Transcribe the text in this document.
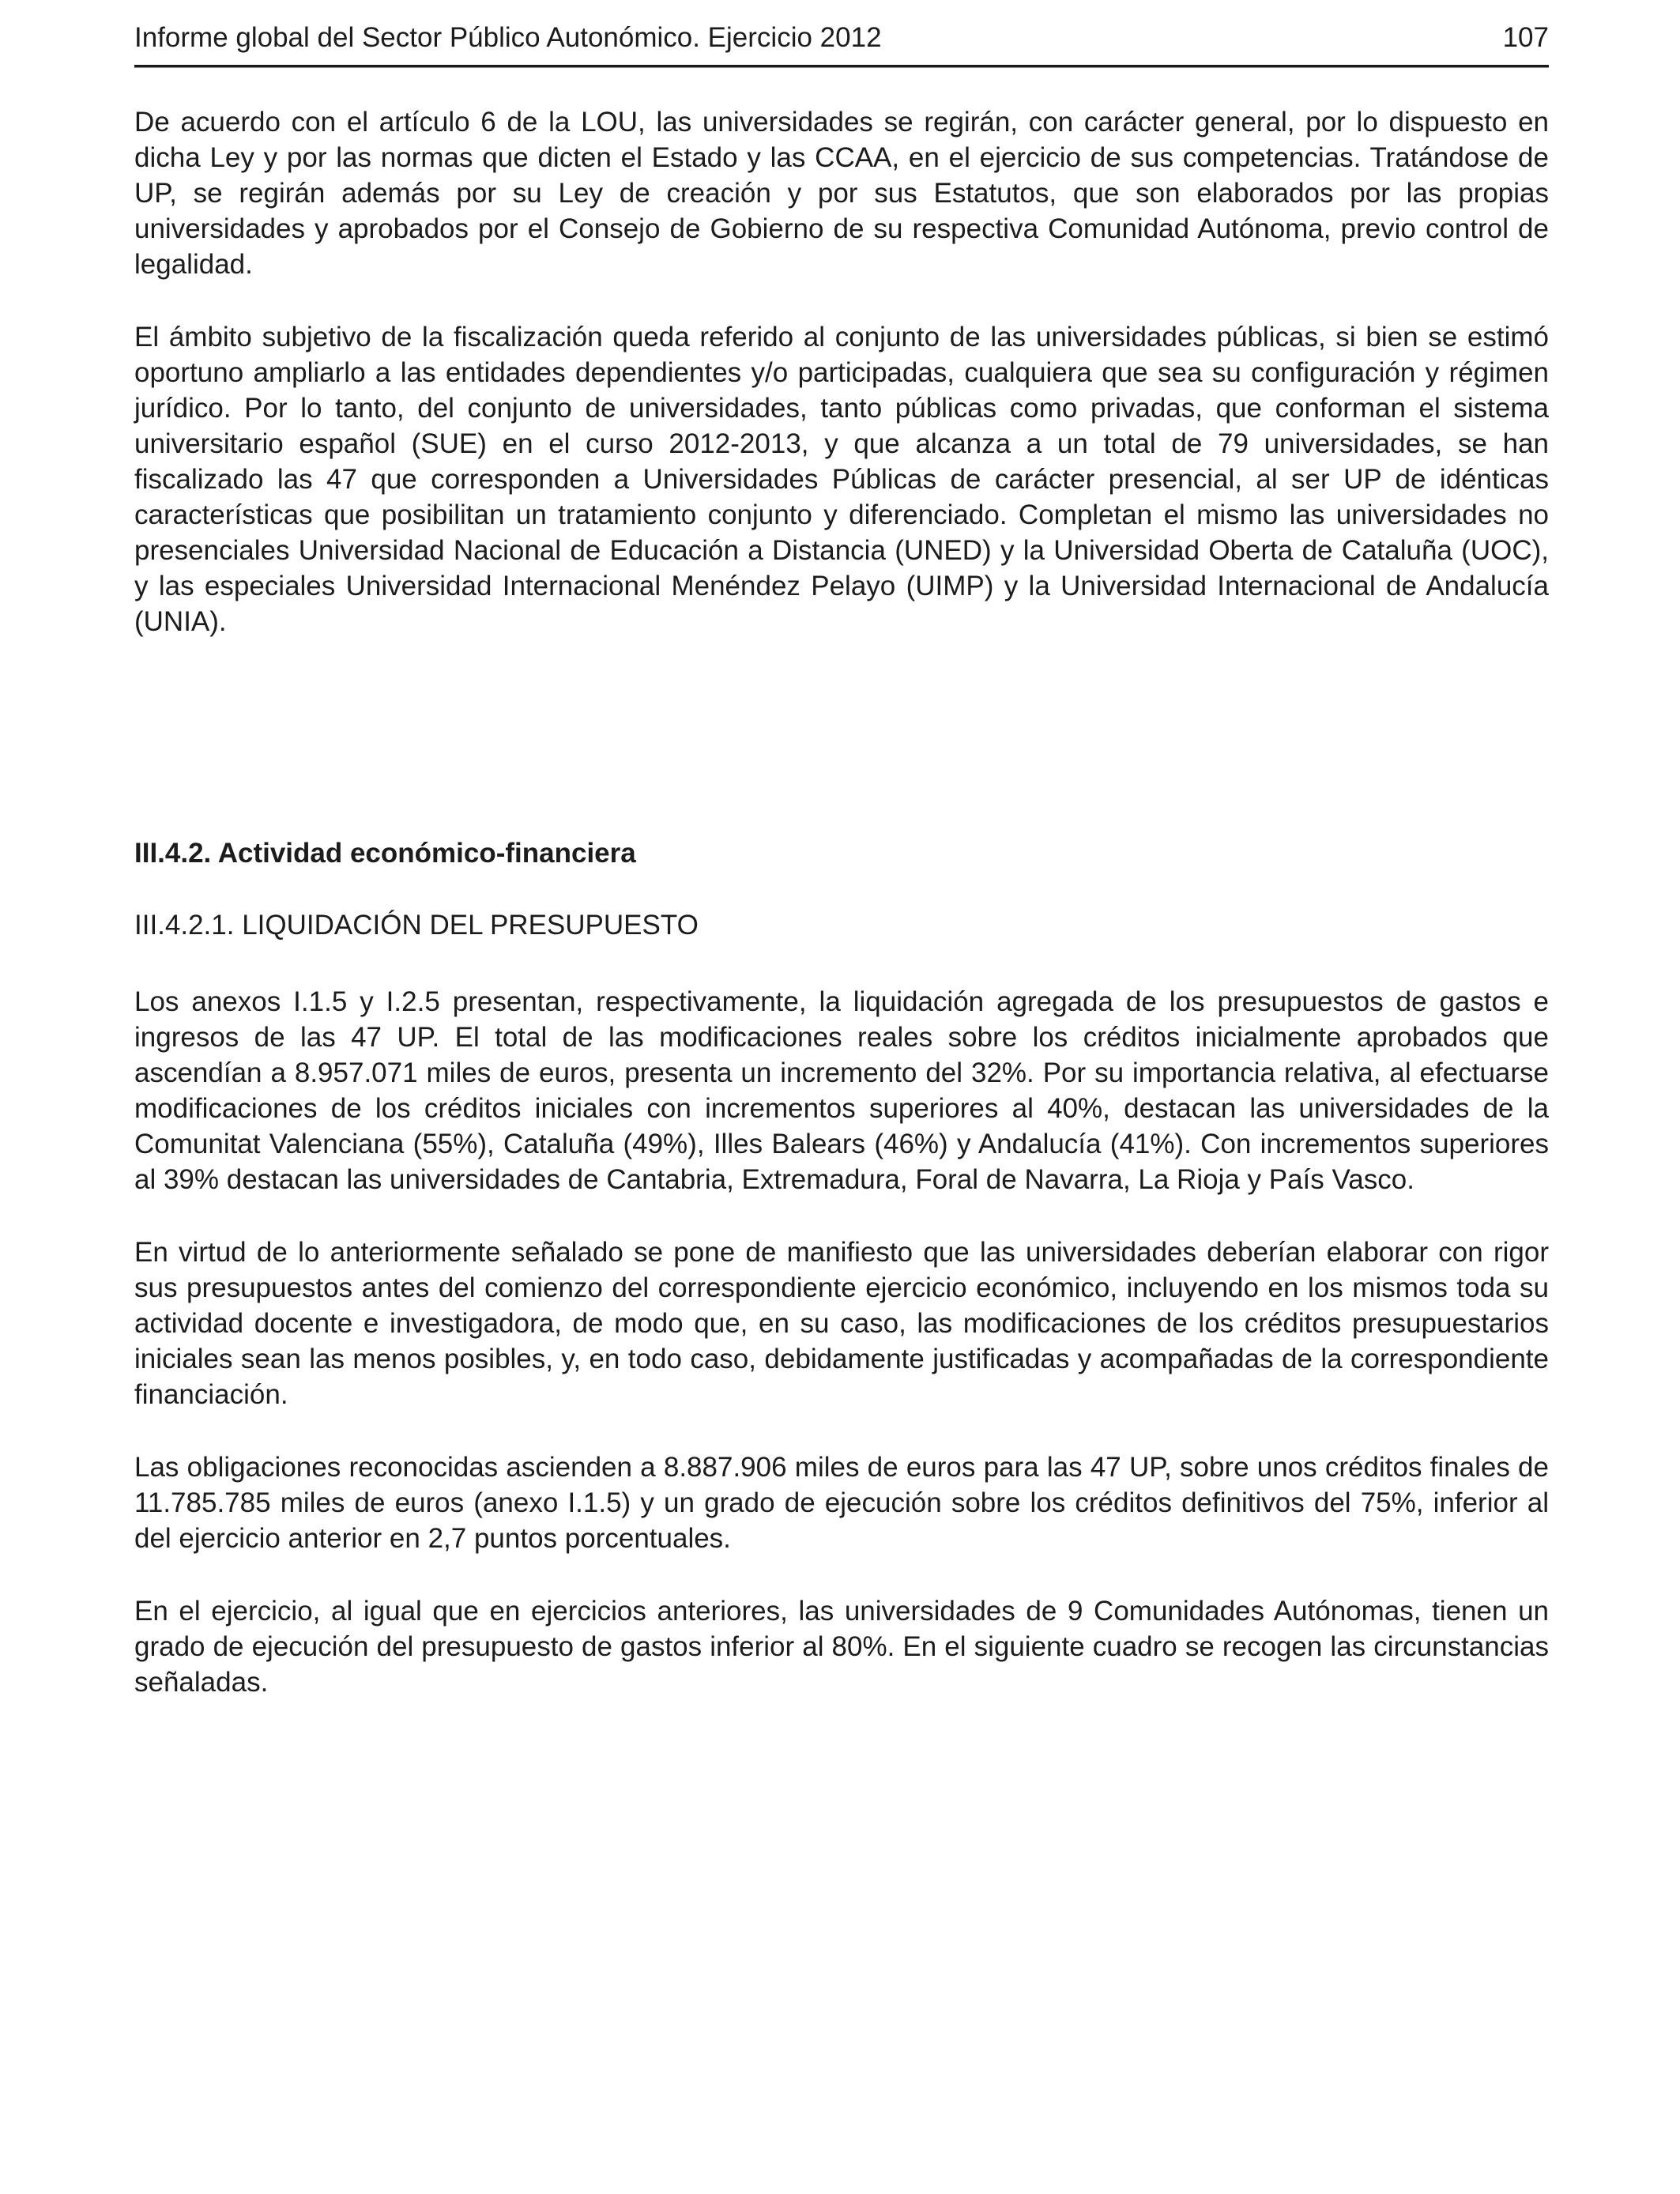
Informe global del Sector Público Autonómico. Ejercicio 2012	107

De acuerdo con el artículo 6 de la LOU, las universidades se regirán, con carácter general, por lo dispuesto en dicha Ley y por las normas que dicten el Estado y las CCAA, en el ejercicio de sus competencias. Tratándose de UP, se regirán además por su Ley de creación y por sus Estatutos, que son elaborados por las propias universidades y aprobados por el Consejo de Gobierno de su respectiva Comunidad Autónoma, previo control de legalidad.

El ámbito subjetivo de la fiscalización queda referido al conjunto de las universidades públicas, si bien se estimó oportuno ampliarlo a las entidades dependientes y/o participadas, cualquiera que sea su configuración y régimen jurídico. Por lo tanto, del conjunto de universidades, tanto públicas como privadas, que conforman el sistema universitario español (SUE) en el curso 2012-2013, y que alcanza a un total de 79 universidades, se han fiscalizado las 47 que corresponden a Universidades Públicas de carácter presencial, al ser UP de idénticas características que posibilitan un tratamiento conjunto y diferenciado. Completan el mismo las universidades no presenciales Universidad Nacional de Educación a Distancia (UNED) y la Universidad Oberta de Cataluña (UOC), y las especiales Universidad Internacional Menéndez Pelayo (UIMP) y la Universidad Internacional de Andalucía (UNIA).

III.4.2. Actividad económico-financiera
III.4.2.1. LIQUIDACIÓN DEL PRESUPUESTO

Los anexos I.1.5 y I.2.5 presentan, respectivamente, la liquidación agregada de los presupuestos de gastos e ingresos de las 47 UP. El total de las modificaciones reales sobre los créditos inicialmente aprobados que ascendían a 8.957.071 miles de euros, presenta un incremento del 32%. Por su importancia relativa, al efectuarse modificaciones de los créditos iniciales con incrementos superiores al 40%, destacan las universidades de la Comunitat Valenciana (55%), Cataluña (49%), Illes Balears (46%) y Andalucía (41%). Con incrementos superiores al 39% destacan las universidades de Cantabria, Extremadura, Foral de Navarra, La Rioja y País Vasco.

En virtud de lo anteriormente señalado se pone de manifiesto que las universidades deberían elaborar con rigor sus presupuestos antes del comienzo del correspondiente ejercicio económico, incluyendo en los mismos toda su actividad docente e investigadora, de modo que, en su caso, las modificaciones de los créditos presupuestarios iniciales sean las menos posibles, y, en todo caso, debidamente justificadas y acompañadas de la correspondiente financiación.

Las obligaciones reconocidas ascienden a 8.887.906 miles de euros para las 47 UP, sobre unos créditos finales de 11.785.785 miles de euros (anexo I.1.5) y un grado de ejecución sobre los créditos definitivos del 75%, inferior al del ejercicio anterior en 2,7 puntos porcentuales.

En el ejercicio, al igual que en ejercicios anteriores, las universidades de 9 Comunidades Autónomas, tienen un grado de ejecución del presupuesto de gastos inferior al 80%. En el siguiente cuadro se recogen las circunstancias señaladas.
